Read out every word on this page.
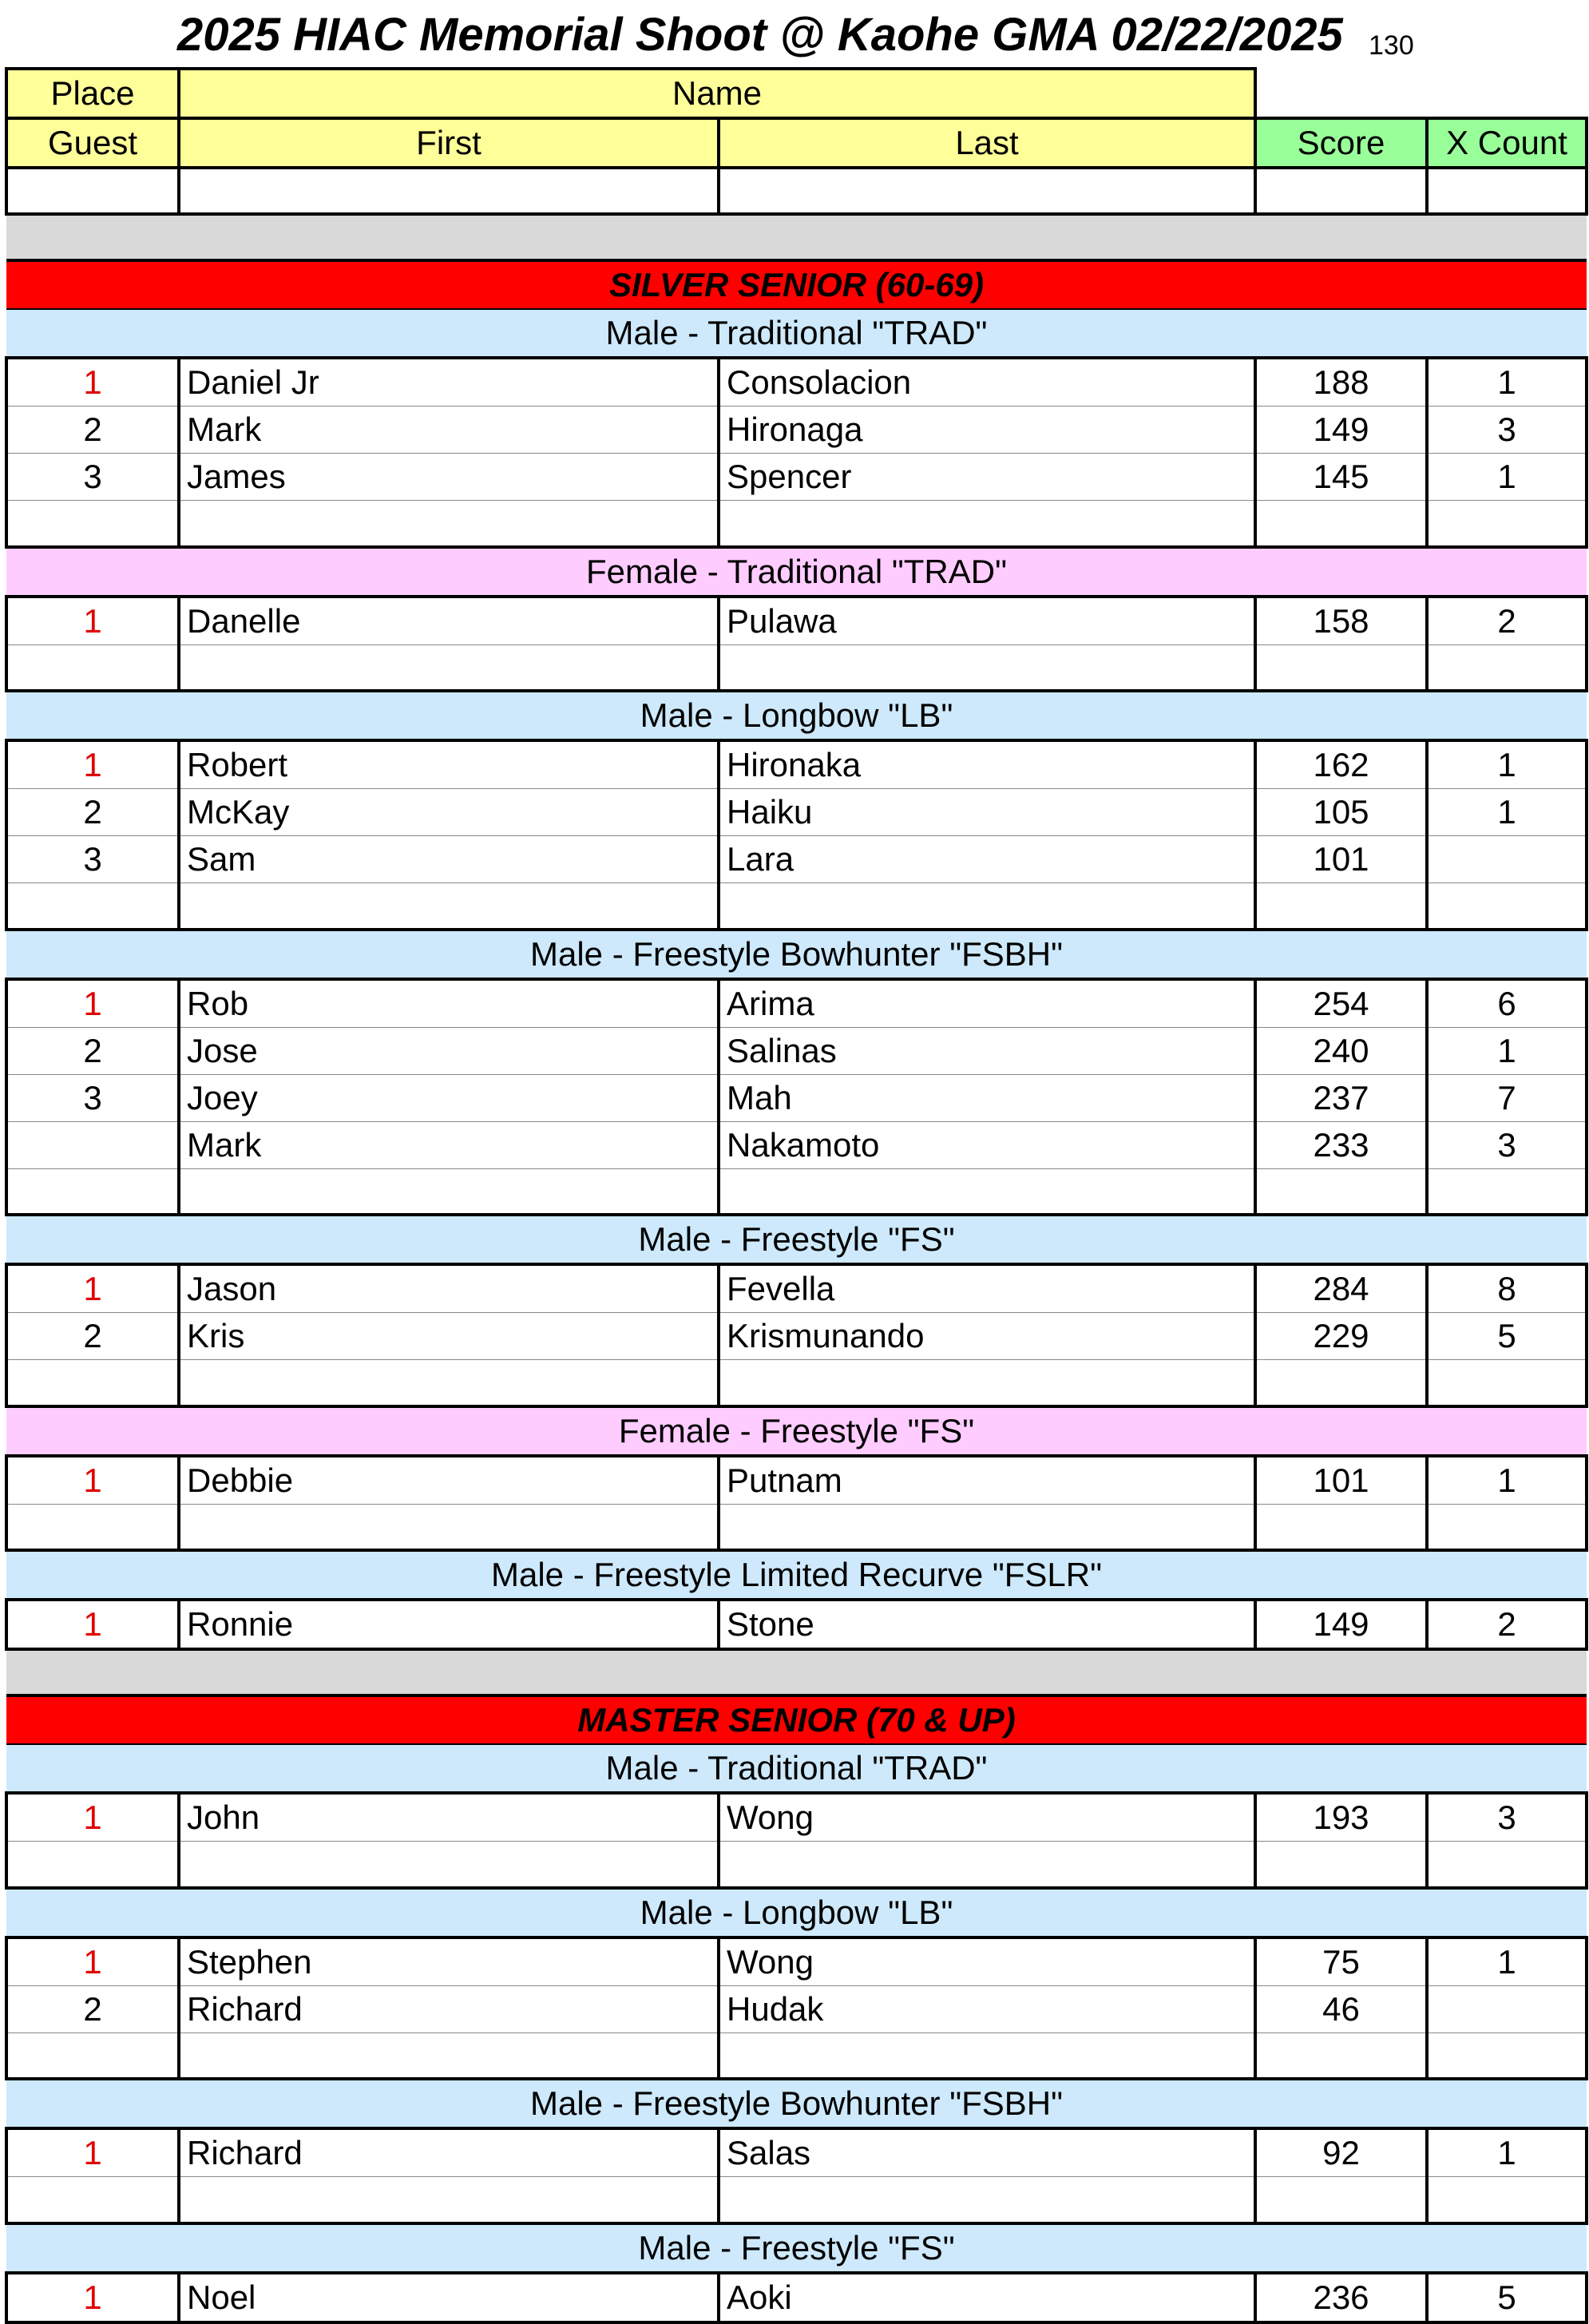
2025 HIAC Memorial Shoot @ Kaohe GMA 02/22/2025 130
Place	Name			
Guest	First	Last	Score	X Count

SILVER SENIOR (60-69)				
Male - Traditional "TRAD"				
1	Daniel Jr	Consolacion	188	1
2	Mark	Hironaga	149	3
3	James	Spencer	145	1

Female - Traditional "TRAD"				
1	Danelle	Pulawa	158	2

Male - Longbow "LB"				
1	Robert	Hironaka	162	1
2	McKay	Haiku	105	1
3	Sam	Lara	101	

Male - Freestyle Bowhunter "FSBH"				
1	Rob	Arima	254	6
2	Jose	Salinas	240	1
3	Joey	Mah	237	7
	Mark	Nakamoto	233	3

Male - Freestyle "FS"				
1	Jason	Fevella	284	8
2	Kris	Krismunando	229	5

Female - Freestyle "FS"				
1	Debbie	Putnam	101	1

Male - Freestyle Limited Recurve "FSLR"				
1	Ronnie	Stone	149	2

MASTER SENIOR (70 & UP)				
Male - Traditional "TRAD"				
1	John	Wong	193	3

Male - Longbow "LB"				
1	Stephen	Wong	75	1
2	Richard	Hudak	46	

Male - Freestyle Bowhunter "FSBH"				
1	Richard	Salas	92	1

Male - Freestyle "FS"				
1	Noel	Aoki	236	5
